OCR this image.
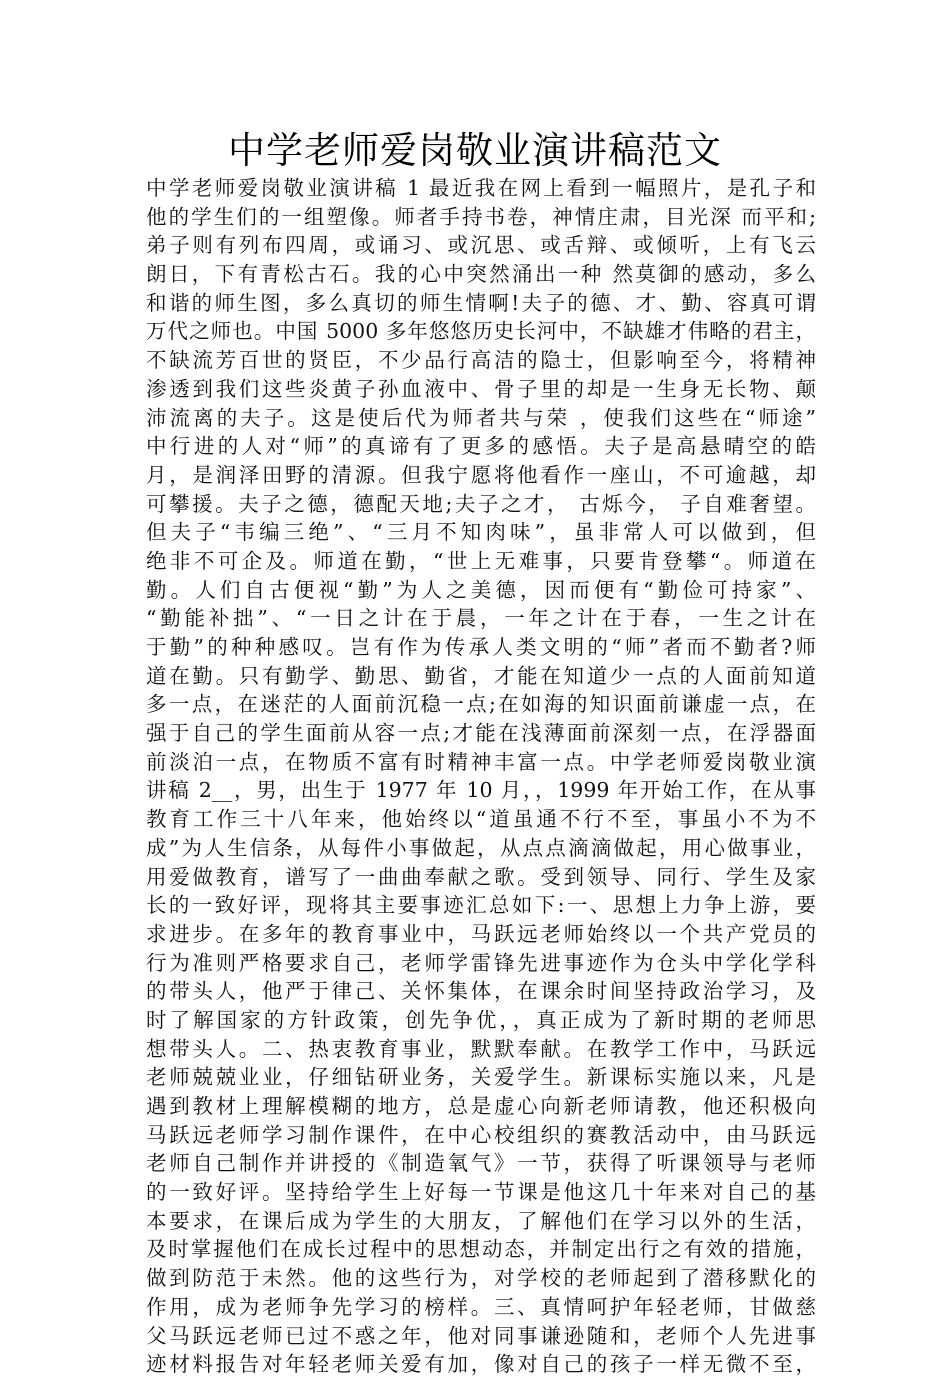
中学老师爱岗敬业演讲稿范文
中学老师爱岗敬业演讲稿 1 最近我在网上看到一幅照片，是孔子和
他的学生们的一组塑像。师者手持书卷，神情庄肃，目光深 而平和;
弟子则有列布四周，或诵习、或沉思、或舌辩、或倾听，上有飞云
朗日，下有青松古石。我的心中突然涌出一种 然莫御的感动，多么
和谐的师生图，多么真切的师生情啊!夫子的德、才、勤、容真可谓
万代之师也。中国 5000 多年悠悠历史长河中，不缺雄才伟略的君主，
不缺流芳百世的贤臣，不少品行高洁的隐士，但影响至今，将精神
渗透到我们这些炎黄子孙血液中、骨子里的却是一生身无长物、颠
沛流离的夫子。这是使后代为师者共与荣 ，使我们这些在“师途”
中行进的人对“师”的真谛有了更多的感悟。夫子是高悬晴空的皓
月，是润泽田野的清源。但我宁愿将他看作一座山，不可逾越，却
可攀援。夫子之德，德配天地;夫子之才， 古烁今， 子自难奢望。
但夫子“韦编三绝”、“三月不知肉味”，虽非常人可以做到，但
绝非不可企及。师道在勤，“世上无难事，只要肯登攀“。师道在
勤。人们自古便视“勤”为人之美德，因而便有“勤俭可持家”、
“勤能补拙”、“一日之计在于晨，一年之计在于春，一生之计在
于勤”的种种感叹。岂有作为传承人类文明的“师”者而不勤者?师
道在勤。只有勤学、勤思、勤省，才能在知道少一点的人面前知道
多一点，在迷茫的人面前沉稳一点;在如海的知识面前谦虚一点，在
强于自己的学生面前从容一点;才能在浅薄面前深刻一点，在浮器面
前淡泊一点，在物质不富有时精神丰富一点。中学老师爱岗敬业演
讲稿 2__，男，出生于 1977 年 10 月，，1999 年开始工作，在从事
教育工作三十八年来，他始终以“道虽通不行不至，事虽小不为不
成”为人生信条，从每件小事做起，从点点滴滴做起，用心做事业，
用爱做教育，谱写了一曲曲奉献之歌。受到领导、同行、学生及家
长的一致好评，现将其主要事迹汇总如下:一、思想上力争上游，要
求进步。在多年的教育事业中，马跃远老师始终以一个共产党员的
行为准则严格要求自己，老师学雷锋先进事迹作为仓头中学化学科
的带头人，他严于律己、关怀集体，在课余时间坚持政治学习，及
时了解国家的方针政策，创先争优，，真正成为了新时期的老师思
想带头人。二、热衷教育事业，默默奉献。在教学工作中，马跃远
老师兢兢业业，仔细钻研业务，关爱学生。新课标实施以来，凡是
遇到教材上理解模糊的地方，总是虚心向新老师请教，他还积极向
马跃远老师学习制作课件，在中心校组织的赛教活动中，由马跃远
老师自己制作并讲授的《制造氧气》一节，获得了听课领导与老师
的一致好评。坚持给学生上好每一节课是他这几十年来对自己的基
本要求，在课后成为学生的大朋友，了解他们在学习以外的生活，
及时掌握他们在成长过程中的思想动态，并制定出行之有效的措施，
做到防范于未然。他的这些行为，对学校的老师起到了潜移默化的
作用，成为老师争先学习的榜样。三、真情呵护年轻老师，甘做慈
父马跃远老师已过不惑之年，他对同事谦逊随和，老师个人先进事
迹材料报告对年轻老师关爱有加，像对自己的孩子一样无微不至，
